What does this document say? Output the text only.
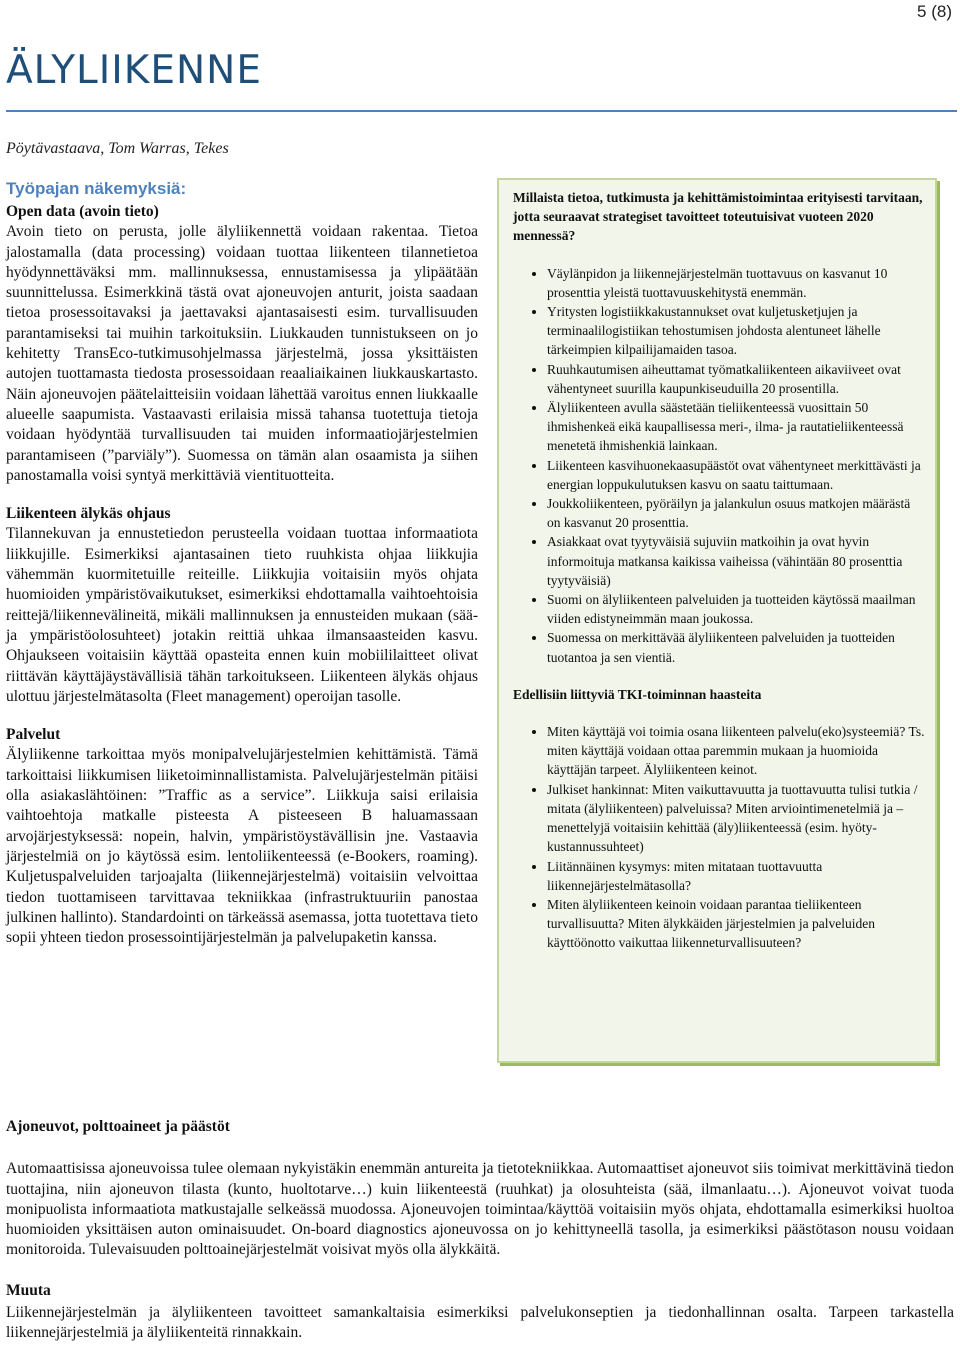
5 (8)
ÄLYLIIKENNE
Pöytävastaava, Tom Warras, Tekes
Työpajan näkemyksiä:
Open data (avoin tieto)

Avoin tieto on perusta, jolle älyliikennettä voidaan rakentaa. Tietoa jalostamalla (data processing) voidaan tuottaa liikenteen tilannetietoa hyödynnettäväksi mm. mallinnuksessa, ennustamisessa ja ylipäätään suunnittelussa. Esimerkkinä tästä ovat ajoneuvojen anturit, joista saadaan tietoa prosessoitavaksi ja jaettavaksi ajantasaisesti esim. turvallisuuden parantamiseksi tai muihin tarkoituksiin. Liukkauden tunnistukseen on jo kehitetty TransEco-tutkimusohjelmassa järjestelmä, jossa yksittäisten autojen tuottamasta tiedosta prosessoidaan reaaliaikainen liukkauskartasto. Näin ajoneuvojen päätelaitteisiin voidaan lähettää varoitus ennen liukkaalle alueelle saapumista. Vastaavasti erilaisia missä tahansa tuotettuja tietoja voidaan hyödyntää turvallisuuden tai muiden informaatiojärjestelmien parantamiseen (”parviäly”). Suomessa on tämän alan osaamista ja siihen panostamalla voisi syntyä merkittäviä vientituotteita.

Liikenteen älykäs ohjaus

Tilannekuvan ja ennustetiedon perusteella voidaan tuottaa informaatiota liikkujille. Esimerkiksi ajantasainen tieto ruuhkista ohjaa liikkujia vähemmän kuormitetuille reiteille. Liikkujia voitaisiin myös ohjata huomioiden ympäristövaikutukset, esimerkiksi ehdottamalla vaihtoehtoisia reittejä/liikennevälineitä, mikäli mallinnuksen ja ennusteiden mukaan (sää- ja ympäristöolosuhteet) jotakin reittiä uhkaa ilmansaasteiden kasvu. Ohjaukseen voitaisiin käyttää opasteita ennen kuin mobiililaitteet olivat riittävän käyttäjäystävällisiä tähän tarkoitukseen. Liikenteen älykäs ohjaus ulottuu järjestelmätasolta (Fleet management) operoijan tasolle.

Palvelut

Älyliikenne tarkoittaa myös monipalvelujärjestelmien kehittämistä. Tämä tarkoittaisi liikkumisen liiketoiminnallistamista. Palvelujärjestelmän pitäisi olla asiakaslähtöinen: ”Traffic as a service”. Liikkuja saisi erilaisia vaihtoehtoja matkalle pisteesta A pisteeseen B haluamassaan arvojärjestyksessä: nopein, halvin, ympäristöystävällisin jne. Vastaavia järjestelmiä on jo käytössä esim. lentoliikenteessä (e-Bookers, roaming). Kuljetuspalveluiden tarjoajalta (liikennejärjestelmä) voitaisiin velvoittaa tiedon tuottamiseen tarvittavaa tekniikkaa (infrastruktuuriin panostaa julkinen hallinto). Standardointi on tärkeässä asemassa, jotta tuotettava tieto sopii yhteen tiedon prosessointijärjestelmän ja palvelupaketin kanssa.

Millaista tietoa, tutkimusta ja kehittämistoimintaa erityisesti tarvitaan, jotta seuraavat strategiset tavoitteet toteutuisivat vuoteen 2020 mennessä?
• Väylänpidon ja liikennejärjestelmän tuottavuus on kasvanut 10 prosenttia yleistä tuottavuuskehitystä enemmän.
• Yritysten logistiikkakustannukset ovat kuljetusketjujen ja terminaalilogistiikan tehostumisen johdosta alentuneet lähelle tärkeimpien kilpailijamaiden tasoa.
• Ruuhkautumisen aiheuttamat työmatkaliikenteen aikaviiveet ovat vähentyneet suurilla kaupunkiseuduilla 20 prosentilla.
• Älyliikenteen avulla säästetään tieliikenteessä vuosittain 50 ihmishenkeä eikä kaupallisessa meri-, ilma- ja rautatieliikenteessä menetetä ihmishenkiä lainkaan.
• Liikenteen kasvihuonekaasupäästöt ovat vähentyneet merkittävästi ja energian loppukulutuksen kasvu on saatu taittumaan.
• Joukkoliikenteen, pyöräilyn ja jalankulun osuus matkojen määrästä on kasvanut 20 prosenttia.
• Asiakkaat ovat tyytyväisiä sujuviin matkoihin ja ovat hyvin informoituja matkansa kaikissa vaiheissa (vähintään 80 prosenttia tyytyväisiä)
• Suomi on älyliikenteen palveluiden ja tuotteiden käytössä maailman viiden edistyneimmän maan joukossa.
• Suomessa on merkittävää älyliikenteen palveluiden ja tuotteiden tuotantoa ja sen vientiä.
Edellisiin liittyviä TKI-toiminnan haasteita
• Miten käyttäjä voi toimia osana liikenteen palvelu(eko)systeemiä? Ts. miten käyttäjä voidaan ottaa paremmin mukaan ja huomioida käyttäjän tarpeet. Älyliikenteen keinot.
• Julkiset hankinnat: Miten vaikuttavuutta ja tuottavuutta tulisi tutkia / mitata (älyliikenteen) palveluissa? Miten arviointimenetelmiä ja –menettelyjä voitaisiin kehittää (äly)liikenteessä (esim. hyöty-kustannussuhteet)
• Liitännäinen kysymys: miten mitataan tuottavuutta liikennejärjestelmätasolla?
• Miten älyliikenteen keinoin voidaan parantaa tieliikenteen turvallisuutta? Miten älykkäiden järjestelmien ja palveluiden käyttöönotto vaikuttaa liikenneturvallisuuteen?
Ajoneuvot, polttoaineet ja päästöt

Automaattisissa ajoneuvoissa tulee olemaan nykyistäkin enemmän antureita ja tietotekniikkaa. Automaattiset ajoneuvot siis toimivat merkittävinä tiedon tuottajina, niin ajoneuvon tilasta (kunto, huoltotarve…) kuin liikenteestä (ruuhkat) ja olosuhteista (sää, ilmanlaatu…). Ajoneuvot voivat tuoda monipuolista informaatiota matkustajalle selkeässä muodossa. Ajoneuvojen toimintaa/käyttöä voitaisiin myös ohjata, ehdottamalla esimerkiksi huoltoa huomioiden yksittäisen auton ominaisuudet. On-board diagnostics ajoneuvossa on jo kehittyneellä tasolla, ja esimerkiksi päästötason nousu voidaan monitoroida. Tulevaisuuden polttoainejärjestelmät voisivat myös olla älykkäitä.

Muuta

Liikennejärjestelmän ja älyliikenteen tavoitteet samankaltaisia esimerkiksi palvelukonseptien ja tiedonhallinnan osalta. Tarpeen tarkastella liikennejärjestelmiä ja älyliikenteitä rinnakkain.
